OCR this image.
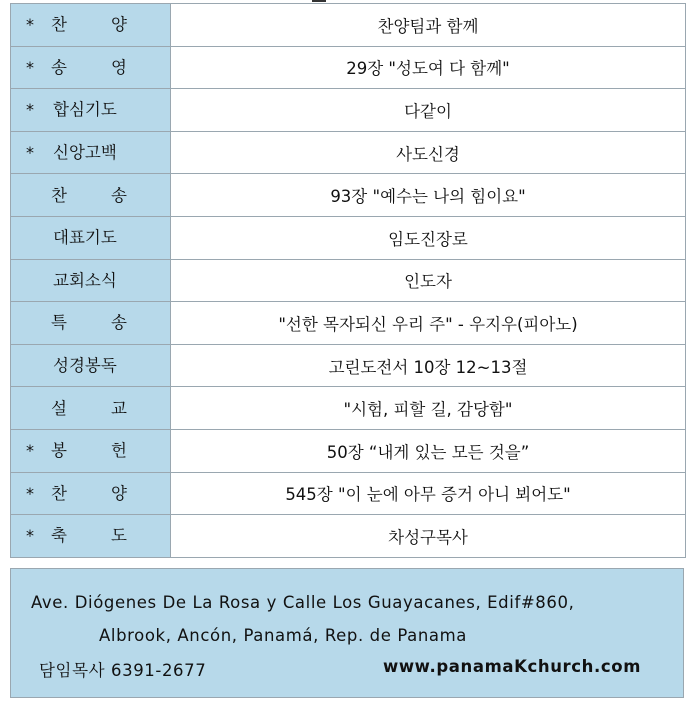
* 찬 양	찬양팀과 함께

* 송 영	29장 "성도여 다 함께"

* 합심기도	다같이

* 신앙고백	사도신경

찬 송	93장 "예수는 나의 힘이요"

대표기도	임도진장로

교회소식	인도자

특 송	"선한 목자되신 우리 주" - 우지우(피아노)

성경봉독	고린도전서 10장 12~13절

설 교	"시험, 피할 길, 감당함"

* 봉 헌	50장 “내게 있는 모든 것을”

* 찬 양	545장 "이 눈에 아무 증거 아니 뵈어도"

* 축 도	차성구목사
Ave. Diógenes De La Rosa y Calle Los Guayacanes, Edif#860,
Albrook, Ancón, Panamá, Rep. de Panama
담임목사 6391-2677	www.panamaKchurch.com
